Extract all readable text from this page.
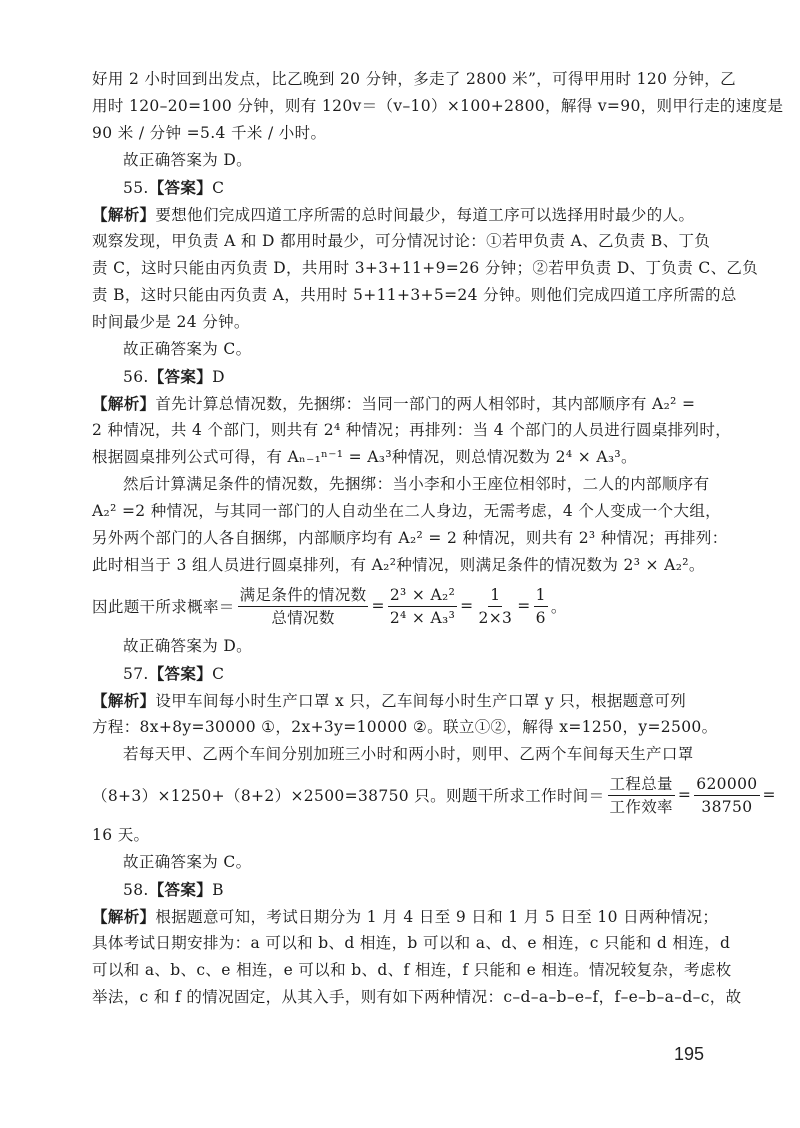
好用 2 小时回到出发点，比乙晚到 20 分钟，多走了 2800 米”，可得甲用时 120 分钟，乙
用时 120–20=100 分钟，则有 120v＝（v–10）×100+2800，解得 v=90，则甲行走的速度是
90 米 / 分钟 =5.4 千米 / 小时。
故正确答案为 D。
55.【答案】C
【解析】要想他们完成四道工序所需的总时间最少，每道工序可以选择用时最少的人。
观察发现，甲负责 A 和 D 都用时最少，可分情况讨论：①若甲负责 A、乙负责 B、丁负
责 C，这时只能由丙负责 D，共用时 3+3+11+9=26 分钟；②若甲负责 D、丁负责 C、乙负
责 B，这时只能由丙负责 A，共用时 5+11+3+5=24 分钟。则他们完成四道工序所需的总
时间最少是 24 分钟。
故正确答案为 C。
56.【答案】D
【解析】首先计算总情况数，先捆绑：当同一部门的两人相邻时，其内部顺序有 A₂² =
2 种情况，共 4 个部门，则共有 2⁴ 种情况；再排列：当 4 个部门的人员进行圆桌排列时，
根据圆桌排列公式可得，有 Aₙ₋₁ⁿ⁻¹ = A₃³种情况，则总情况数为 2⁴ × A₃³。
然后计算满足条件的情况数，先捆绑：当小李和小王座位相邻时，二人的内部顺序有
A₂² =2 种情况，与其同一部门的人自动坐在二人身边，无需考虑，4 个人变成一个大组，
另外两个部门的人各自捆绑，内部顺序均有 A₂² = 2 种情况，则共有 2³ 种情况；再排列：
此时相当于 3 组人员进行圆桌排列，有 A₂²种情况，则满足条件的情况数为 2³ × A₂²。
因此题干所求概率＝ $\frac{\text{满足条件的情况数}}{\text{总情况数}} = \frac{\text{2³ × A₂²}}{\text{2⁴ × A₃³}} = \frac{1}{2\times 3} = \frac{1}{6}$ 。
故正确答案为 D。
57.【答案】C
【解析】设甲车间每小时生产口罩 x 只，乙车间每小时生产口罩 y 只，根据题意可列
方程：8x+8y=30000 ①，2x+3y=10000 ②。联立①②，解得 x=1250，y=2500。
若每天甲、乙两个车间分别加班三小时和两小时，则甲、乙两个车间每天生产口罩
（8+3）×1250+（8+2）×2500=38750 只。则题干所求工作时间＝ $\frac{\text{工程总量}}{\text{工作效率}} = \frac{620000}{38750}$ =
16 天。
故正确答案为 C。
58.【答案】B
【解析】根据题意可知，考试日期分为 1 月 4 日至 9 日和 1 月 5 日至 10 日两种情况；
具体考试日期安排为：a 可以和 b、d 相连，b 可以和 a、d、e 相连，c 只能和 d 相连，d
可以和 a、b、c、e 相连，e 可以和 b、d、f 相连，f 只能和 e 相连。情况较复杂，考虑枚
举法，c 和 f 的情况固定，从其入手，则有如下两种情况：c–d–a–b–e–f，f–e–b–a–d–c，故
195
